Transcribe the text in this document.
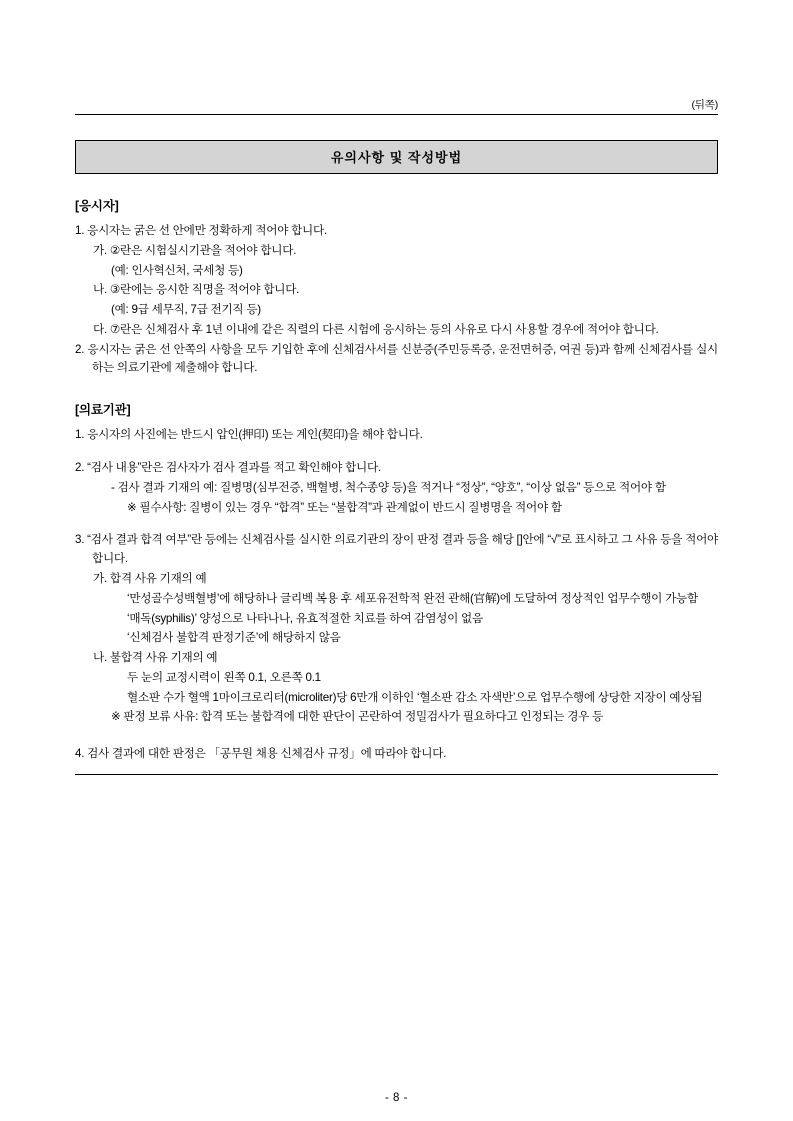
(뒤쪽)
유의사항 및 작성방법
[응시자]

1. 응시자는 굵은 선 안에만 정확하게 적어야 합니다.

가. ②란은 시험실시기관을 적어야 합니다.

(예: 인사혁신처, 국세청 등)

나. ③란에는 응시한 직명을 적어야 합니다.

(예: 9급 세무직, 7급 전기직 등)

다. ⑦란은 신체검사 후 1년 이내에 같은 직렬의 다른 시험에 응시하는 등의 사유로 다시 사용할 경우에 적어야 합니다.

2. 응시자는 굵은 선 안쪽의 사항을 모두 기입한 후에 신체검사서를 신분증(주민등록증, 운전면허증, 여권 등)과 함께 신체검사를 실시하는 의료기관에 제출해야 합니다.

[의료기관]

1. 응시자의 사진에는 반드시 압인(押印) 또는 계인(契印)을 해야 합니다.

2. “검사 내용”란은 검사자가 검사 결과를 적고 확인해야 합니다.

- 검사 결과 기재의 예: 질병명(심부전증, 백혈병, 척수종양 등)을 적거나 “정상”, “양호”, “이상 없음” 등으로 적어야 함

※ 필수사항: 질병이 있는 경우 “합격” 또는 “불합격”과 관계없이 반드시 질병명을 적어야 함

3. “검사 결과 합격 여부”란 등에는 신체검사를 실시한 의료기관의 장이 판정 결과 등을 해당 []안에 “√”로 표시하고 그 사유 등을 적어야 합니다.

가. 합격 사유 기재의 예

‘만성골수성백혈병’에 해당하나 글리벡 복용 후 세포유전학적 완전 관해(官解)에 도달하여 정상적인 업무수행이 가능함

‘매독(syphilis)’ 양성으로 나타나나, 유효적절한 치료를 하여 감염성이 없음

‘신체검사 불합격 판정기준’에 해당하지 않음

나. 불합격 사유 기재의 예

두 눈의 교정시력이 왼쪽 0.1, 오른쪽 0.1

혈소판 수가 혈액 1마이크로리터(microliter)당 6만개 이하인 ‘혈소판 감소 자색반’으로 업무수행에 상당한 지장이 예상됨

※ 판정 보류 사유: 합격 또는 불합격에 대한 판단이 곤란하여 정밀검사가 필요하다고 인정되는 경우 등

4. 검사 결과에 대한 판정은 「공무원 채용 신체검사 규정」에 따라야 합니다.

- 8 -
